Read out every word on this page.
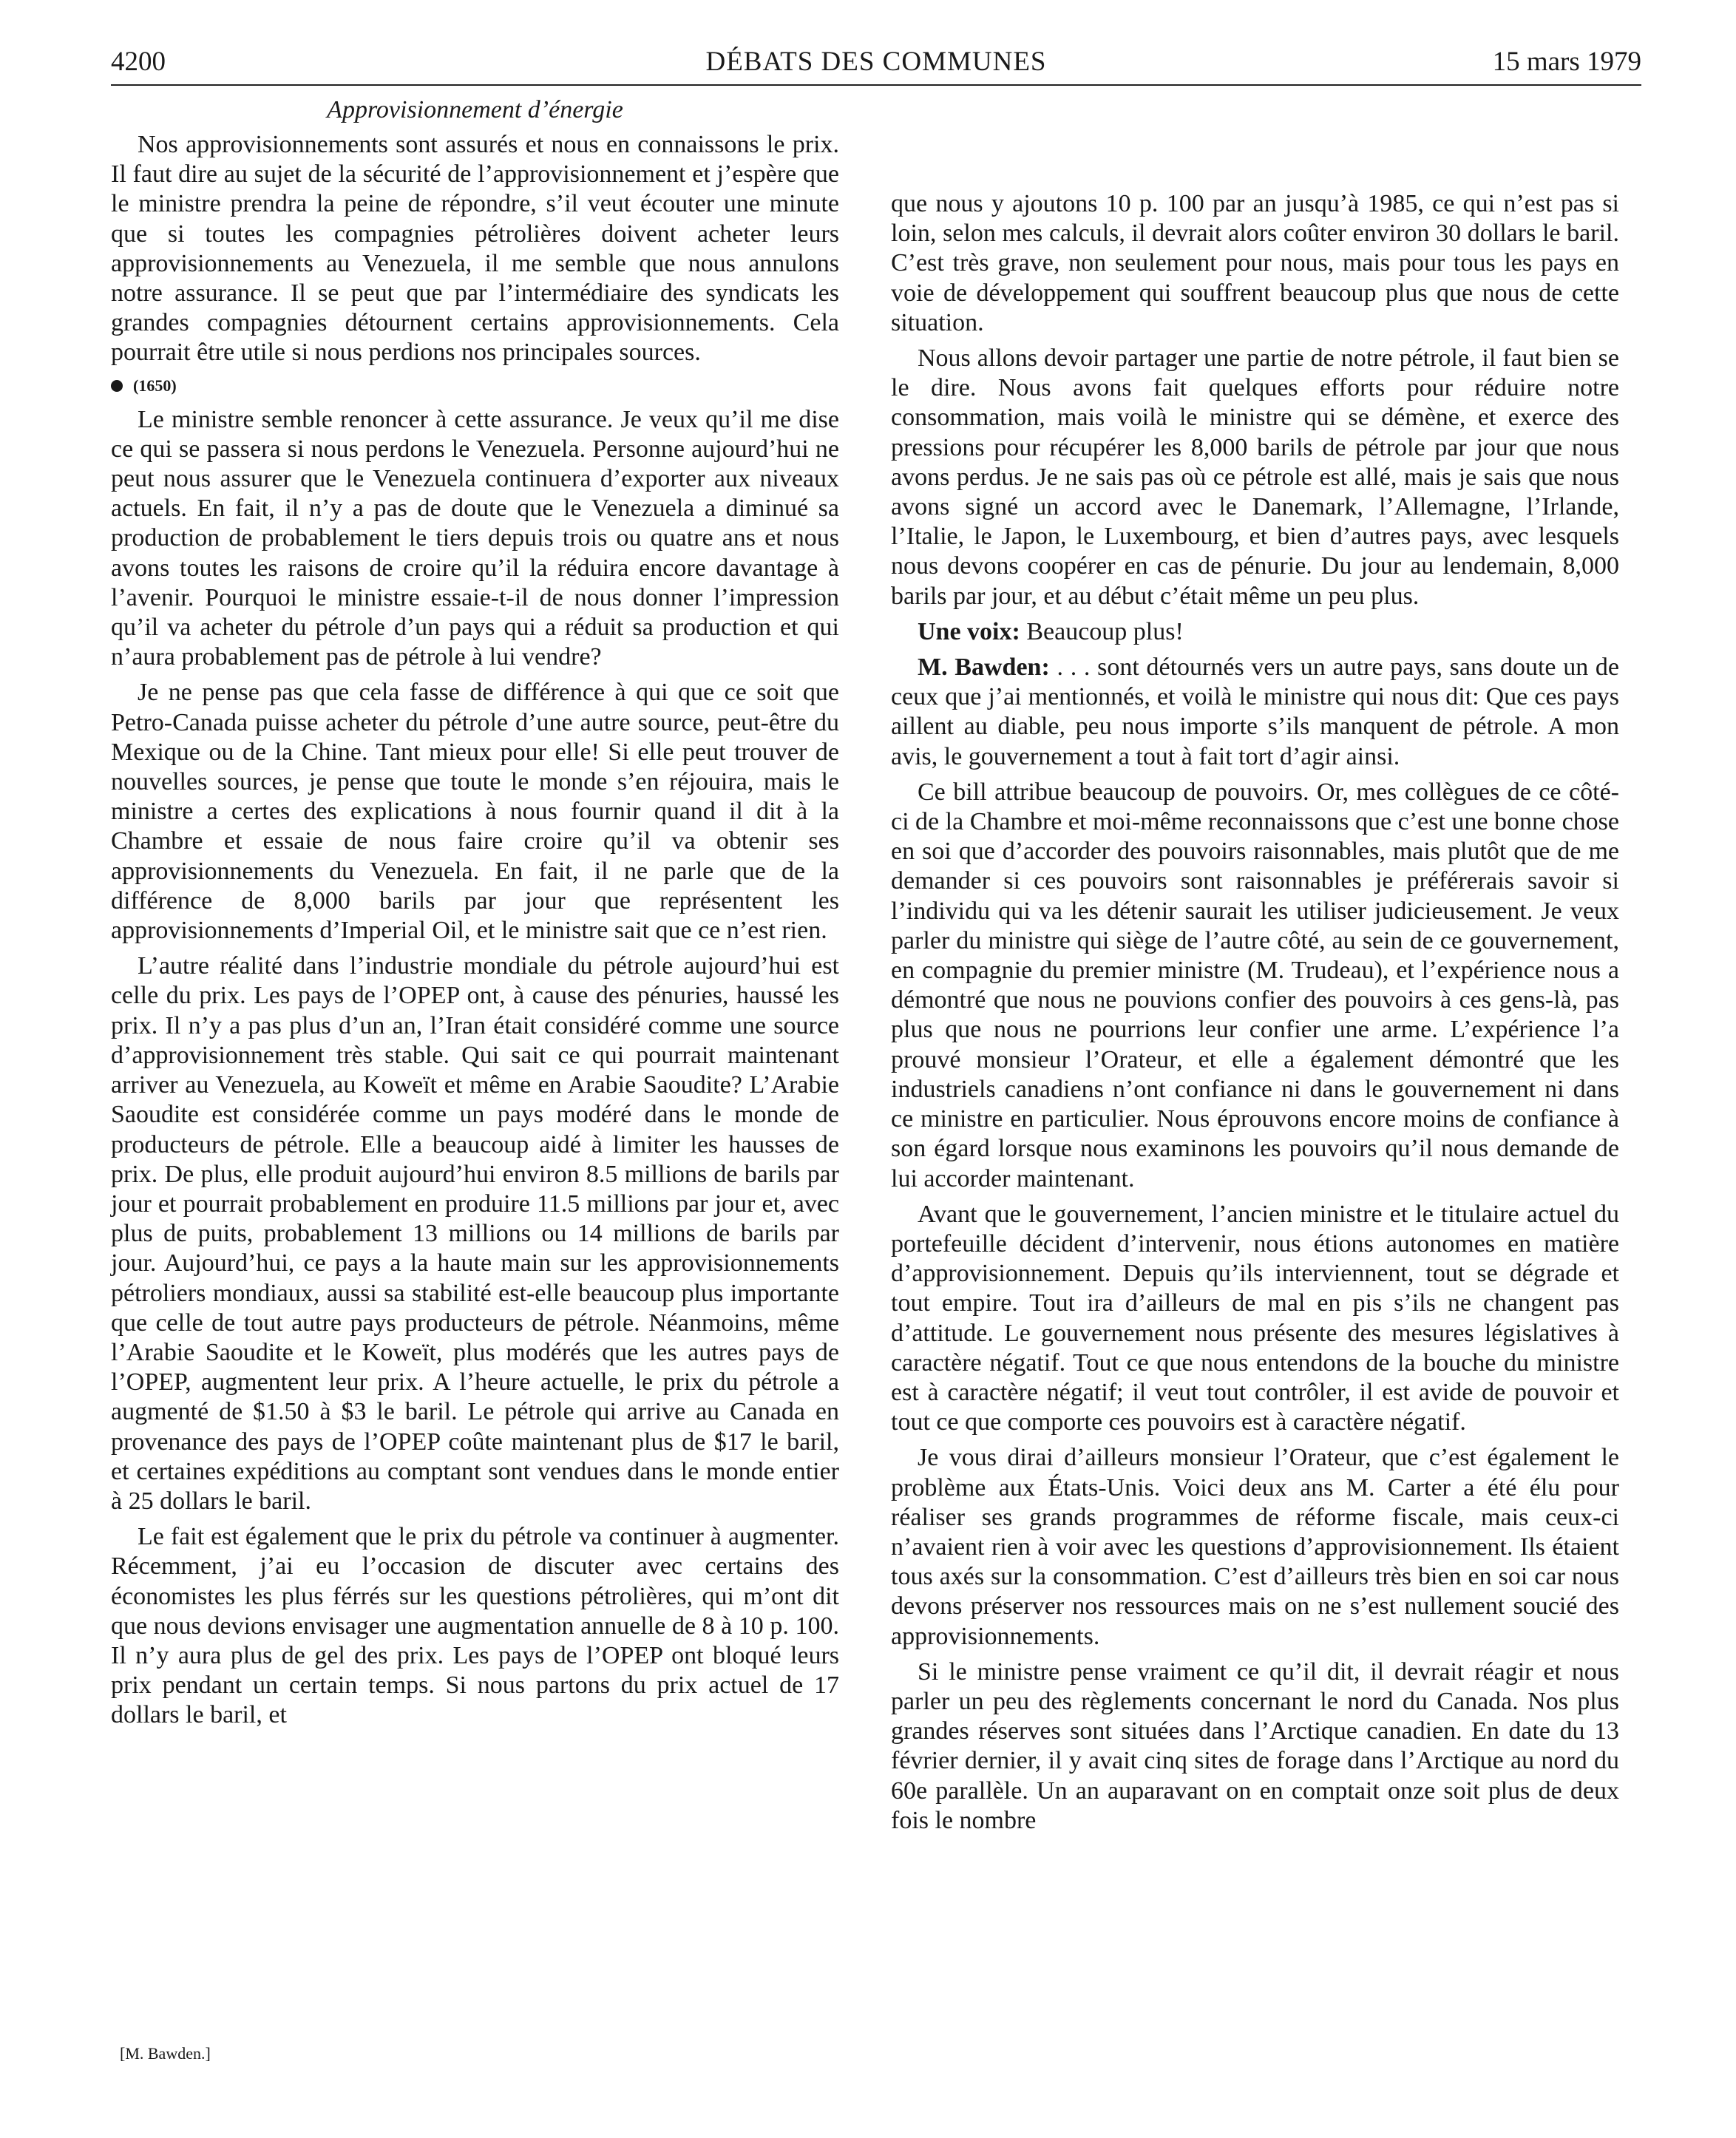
4200	DÉBATS DES COMMUNES	15 mars 1979
Approvisionnement d’énergie

Nos approvisionnements sont assurés et nous en connaissons le prix. Il faut dire au sujet de la sécurité de l’approvisionnement et j’espère que le ministre prendra la peine de répondre, s’il veut écouter une minute que si toutes les compagnies pétrolières doivent acheter leurs approvisionnements au Venezuela, il me semble que nous annulons notre assurance. Il se peut que par l’intermédiaire des syndicats les grandes compagnies détournent certains approvisionnements. Cela pourrait être utile si nous perdions nos principales sources.

(1650)

Le ministre semble renoncer à cette assurance. Je veux qu’il me dise ce qui se passera si nous perdons le Venezuela. Personne aujourd’hui ne peut nous assurer que le Venezuela continuera d’exporter aux niveaux actuels. En fait, il n’y a pas de doute que le Venezuela a diminué sa production de probablement le tiers depuis trois ou quatre ans et nous avons toutes les raisons de croire qu’il la réduira encore davantage à l’avenir. Pourquoi le ministre essaie-t-il de nous donner l’impression qu’il va acheter du pétrole d’un pays qui a réduit sa production et qui n’aura probablement pas de pétrole à lui vendre?

Je ne pense pas que cela fasse de différence à qui que ce soit que Petro-Canada puisse acheter du pétrole d’une autre source, peut-être du Mexique ou de la Chine. Tant mieux pour elle! Si elle peut trouver de nouvelles sources, je pense que toute le monde s’en réjouira, mais le ministre a certes des explications à nous fournir quand il dit à la Chambre et essaie de nous faire croire qu’il va obtenir ses approvisionnements du Venezuela. En fait, il ne parle que de la différence de 8,000 barils par jour que représentent les approvisionnements d’Imperial Oil, et le ministre sait que ce n’est rien.

L’autre réalité dans l’industrie mondiale du pétrole aujourd’hui est celle du prix. Les pays de l’OPEP ont, à cause des pénuries, haussé les prix. Il n’y a pas plus d’un an, l’Iran était considéré comme une source d’approvisionnement très stable. Qui sait ce qui pourrait maintenant arriver au Venezuela, au Koweït et même en Arabie Saoudite? L’Arabie Saoudite est considérée comme un pays modéré dans le monde de producteurs de pétrole. Elle a beaucoup aidé à limiter les hausses de prix. De plus, elle produit aujourd’hui environ 8.5 millions de barils par jour et pourrait probablement en produire 11.5 millions par jour et, avec plus de puits, probablement 13 millions ou 14 millions de barils par jour. Aujourd’hui, ce pays a la haute main sur les approvisionnements pétroliers mondiaux, aussi sa stabilité est-elle beaucoup plus importante que celle de tout autre pays producteurs de pétrole. Néanmoins, même l’Arabie Saoudite et le Koweït, plus modérés que les autres pays de l’OPEP, augmentent leur prix. A l’heure actuelle, le prix du pétrole a augmenté de $1.50 à $3 le baril. Le pétrole qui arrive au Canada en provenance des pays de l’OPEP coûte maintenant plus de $17 le baril, et certaines expéditions au comptant sont vendues dans le monde entier à 25 dollars le baril.

Le fait est également que le prix du pétrole va continuer à augmenter. Récemment, j’ai eu l’occasion de discuter avec certains des économistes les plus férrés sur les questions pétrolières, qui m’ont dit que nous devions envisager une augmentation annuelle de 8 à 10 p. 100. Il n’y aura plus de gel des prix. Les pays de l’OPEP ont bloqué leurs prix pendant un certain temps. Si nous partons du prix actuel de 17 dollars le baril, et

que nous y ajoutons 10 p. 100 par an jusqu’à 1985, ce qui n’est pas si loin, selon mes calculs, il devrait alors coûter environ 30 dollars le baril. C’est très grave, non seulement pour nous, mais pour tous les pays en voie de développement qui souffrent beaucoup plus que nous de cette situation.

Nous allons devoir partager une partie de notre pétrole, il faut bien se le dire. Nous avons fait quelques efforts pour réduire notre consommation, mais voilà le ministre qui se démène, et exerce des pressions pour récupérer les 8,000 barils de pétrole par jour que nous avons perdus. Je ne sais pas où ce pétrole est allé, mais je sais que nous avons signé un accord avec le Danemark, l’Allemagne, l’Irlande, l’Italie, le Japon, le Luxembourg, et bien d’autres pays, avec lesquels nous devons coopérer en cas de pénurie. Du jour au lendemain, 8,000 barils par jour, et au début c’était même un peu plus.

Une voix: Beaucoup plus!

M. Bawden: . . . sont détournés vers un autre pays, sans doute un de ceux que j’ai mentionnés, et voilà le ministre qui nous dit: Que ces pays aillent au diable, peu nous importe s’ils manquent de pétrole. A mon avis, le gouvernement a tout à fait tort d’agir ainsi.

Ce bill attribue beaucoup de pouvoirs. Or, mes collègues de ce côté-ci de la Chambre et moi-même reconnaissons que c’est une bonne chose en soi que d’accorder des pouvoirs raisonnables, mais plutôt que de me demander si ces pouvoirs sont raisonnables je préférerais savoir si l’individu qui va les détenir saurait les utiliser judicieusement. Je veux parler du ministre qui siège de l’autre côté, au sein de ce gouvernement, en compagnie du premier ministre (M. Trudeau), et l’expérience nous a démontré que nous ne pouvions confier des pouvoirs à ces gens-là, pas plus que nous ne pourrions leur confier une arme. L’expérience l’a prouvé monsieur l’Orateur, et elle a également démontré que les industriels canadiens n’ont confiance ni dans le gouvernement ni dans ce ministre en particulier. Nous éprouvons encore moins de confiance à son égard lorsque nous examinons les pouvoirs qu’il nous demande de lui accorder maintenant.

Avant que le gouvernement, l’ancien ministre et le titulaire actuel du portefeuille décident d’intervenir, nous étions autonomes en matière d’approvisionnement. Depuis qu’ils interviennent, tout se dégrade et tout empire. Tout ira d’ailleurs de mal en pis s’ils ne changent pas d’attitude. Le gouvernement nous présente des mesures législatives à caractère négatif. Tout ce que nous entendons de la bouche du ministre est à caractère négatif; il veut tout contrôler, il est avide de pouvoir et tout ce que comporte ces pouvoirs est à caractère négatif.

Je vous dirai d’ailleurs monsieur l’Orateur, que c’est également le problème aux États-Unis. Voici deux ans M. Carter a été élu pour réaliser ses grands programmes de réforme fiscale, mais ceux-ci n’avaient rien à voir avec les questions d’approvisionnement. Ils étaient tous axés sur la consommation. C’est d’ailleurs très bien en soi car nous devons préserver nos ressources mais on ne s’est nullement soucié des approvisionnements.

Si le ministre pense vraiment ce qu’il dit, il devrait réagir et nous parler un peu des règlements concernant le nord du Canada. Nos plus grandes réserves sont situées dans l’Arctique canadien. En date du 13 février dernier, il y avait cinq sites de forage dans l’Arctique au nord du 60e parallèle. Un an auparavant on en comptait onze soit plus de deux fois le nombre

[M. Bawden.]
